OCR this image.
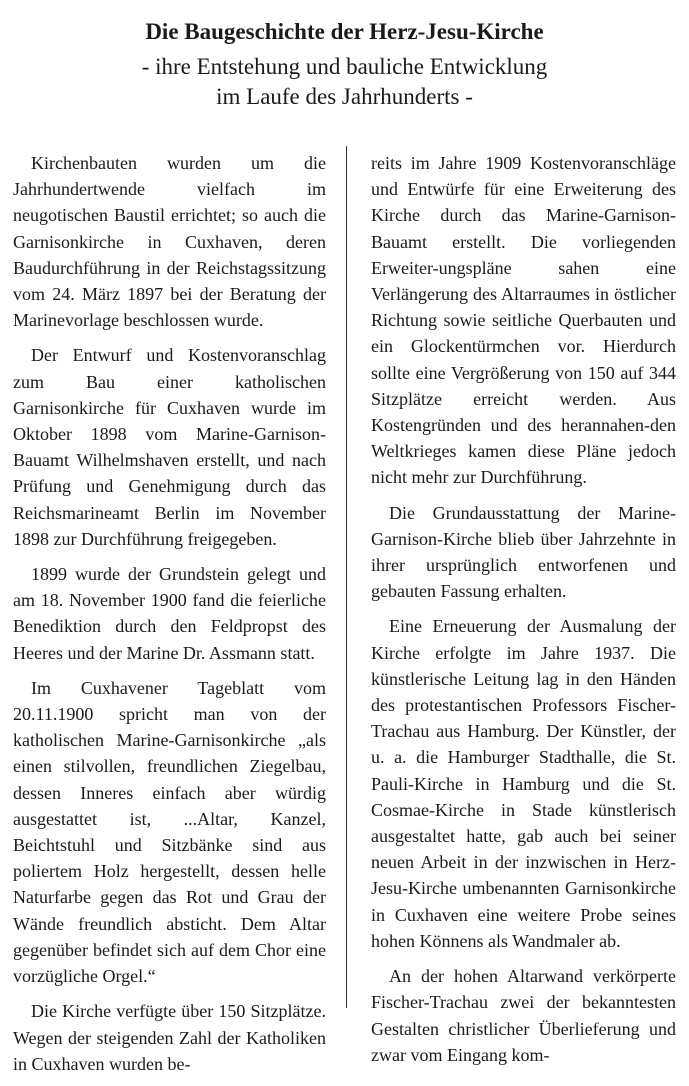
Die Baugeschichte der Herz-Jesu-Kirche
- ihre Entstehung und bauliche Entwicklung
im Laufe des Jahrhunderts -

Kirchenbauten wurden um die Jahrhundertwende vielfach im neugotischen Baustil errichtet; so auch die Garnisonkirche in Cuxhaven, deren Baudurchführung in der Reichstagssitzung vom 24. März 1897 bei der Beratung der Marinevorlage beschlossen wurde.

Der Entwurf und Kostenvoranschlag zum Bau einer katholischen Garnisonkirche für Cuxhaven wurde im Oktober 1898 vom Marine-Garnison-Bauamt Wilhelmshaven erstellt, und nach Prüfung und Genehmigung durch das Reichsmarineamt Berlin im November 1898 zur Durchführung freigegeben.

1899 wurde der Grundstein gelegt und am 18. November 1900 fand die feierliche Benediktion durch den Feldpropst des Heeres und der Marine Dr. Assmann statt.

Im Cuxhavener Tageblatt vom 20.11.1900 spricht man von der katholischen Marine-Garnisonkirche „als einen stilvollen, freundlichen Ziegelbau, dessen Inneres einfach aber würdig ausgestattet ist, ...Altar, Kanzel, Beichtstuhl und Sitzbänke sind aus poliertem Holz hergestellt, dessen helle Naturfarbe gegen das Rot und Grau der Wände freundlich absticht. Dem Altar gegenüber befindet sich auf dem Chor eine vorzügliche Orgel.“

Die Kirche verfügte über 150 Sitzplätze. Wegen der steigenden Zahl der Katholiken in Cuxhaven wurden be-

reits im Jahre 1909 Kostenvoranschläge und Entwürfe für eine Erweiterung des Kirche durch das Marine-Garnison-Bauamt erstellt. Die vorliegenden Erweiter-ungspläne sahen eine Verlängerung des Altarraumes in östlicher Richtung sowie seitliche Querbauten und ein Glockentürmchen vor. Hierdurch sollte eine Vergrößerung von 150 auf 344 Sitzplätze erreicht werden. Aus Kostengründen und des herannahen-den Weltkrieges kamen diese Pläne jedoch nicht mehr zur Durchführung.

Die Grundausstattung der Marine-Garnison-Kirche blieb über Jahrzehnte in ihrer ursprünglich entworfenen und gebauten Fassung erhalten.

Eine Erneuerung der Ausmalung der Kirche erfolgte im Jahre 1937. Die künstlerische Leitung lag in den Händen des protestantischen Professors Fischer-Trachau aus Hamburg. Der Künstler, der u. a. die Hamburger Stadthalle, die St. Pauli-Kirche in Hamburg und die St. Cosmae-Kirche in Stade künstlerisch ausgestaltet hatte, gab auch bei seiner neuen Arbeit in der inzwischen in Herz-Jesu-Kirche umbenannten Garnisonkirche in Cuxhaven eine weitere Probe seines hohen Könnens als Wandmaler ab.

An der hohen Altarwand verkörperte Fischer-Trachau zwei der bekanntesten Gestalten christlicher Überlieferung und zwar vom Eingang kom-
